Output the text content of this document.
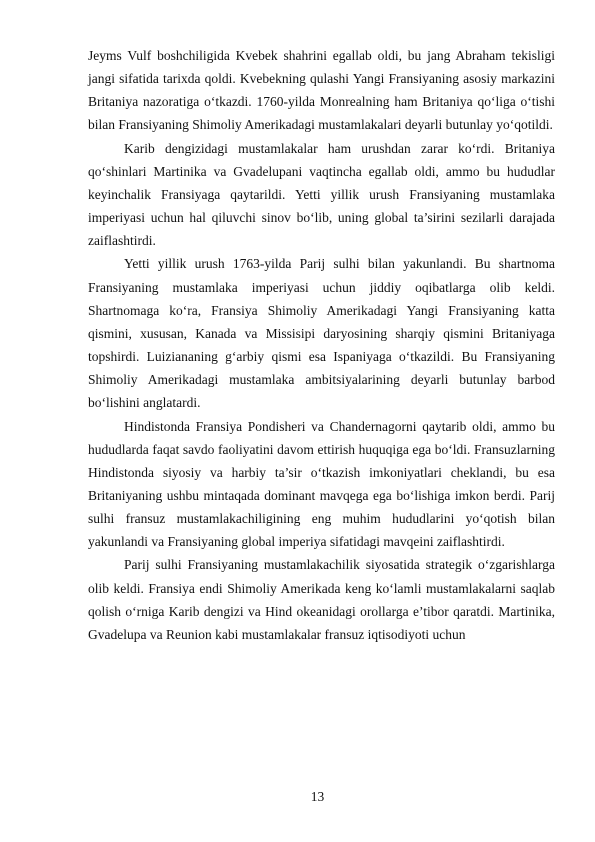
Jeyms Vulf boshchiligida Kvebek shahrini egallab oldi, bu jang Abraham tekisligi jangi sifatida tarixda qoldi. Kvebekning qulashi Yangi Fransiyaning asosiy markazini Britaniya nazoratiga o‘tkazdi. 1760-yilda Monrealning ham Britaniya qo‘liga o‘tishi bilan Fransiyaning Shimoliy Amerikadagi mustamlakalari deyarli butunlay yo‘qotildi.

Karib dengizidagi mustamlakalar ham urushdan zarar ko‘rdi. Britaniya qo‘shinlari Martinika va Gvadelupani vaqtincha egallab oldi, ammo bu hududlar keyinchalik Fransiyaga qaytarildi. Yetti yillik urush Fransiyaning mustamlaka imperiyasi uchun hal qiluvchi sinov bo‘lib, uning global ta’sirini sezilarli darajada zaiflashtirdi.

Yetti yillik urush 1763-yilda Parij sulhi bilan yakunlandi. Bu shartnoma Fransiyaning mustamlaka imperiyasi uchun jiddiy oqibatlarga olib keldi. Shartnomaga ko‘ra, Fransiya Shimoliy Amerikadagi Yangi Fransiyaning katta qismini, xususan, Kanada va Missisipi daryosining sharqiy qismini Britaniyaga topshirdi. Luiziananing g‘arbiy qismi esa Ispaniyaga o‘tkazildi. Bu Fransiyaning Shimoliy Amerikadagi mustamlaka ambitsiyalarining deyarli butunlay barbod bo‘lishini anglatardi.

Hindistonda Fransiya Pondisheri va Chandernagorni qaytarib oldi, ammo bu hududlarda faqat savdo faoliyatini davom ettirish huquqiga ega bo‘ldi. Fransuzlarning Hindistonda siyosiy va harbiy ta’sir o‘tkazish imkoniyatlari cheklandi, bu esa Britaniyaning ushbu mintaqada dominant mavqega ega bo‘lishiga imkon berdi. Parij sulhi fransuz mustamlakachiligining eng muhim hududlarini yo‘qotish bilan yakunlandi va Fransiyaning global imperiya sifatidagi mavqeini zaiflashtirdi.

Parij sulhi Fransiyaning mustamlakachilik siyosatida strategik o‘zgarishlarga olib keldi. Fransiya endi Shimoliy Amerikada keng ko‘lamli mustamlakalarni saqlab qolish o‘rniga Karib dengizi va Hind okeanidagi orollarga e’tibor qaratdi. Martinika, Gvadelupa va Reunion kabi mustamlakalar fransuz iqtisodiyoti uchun

13
